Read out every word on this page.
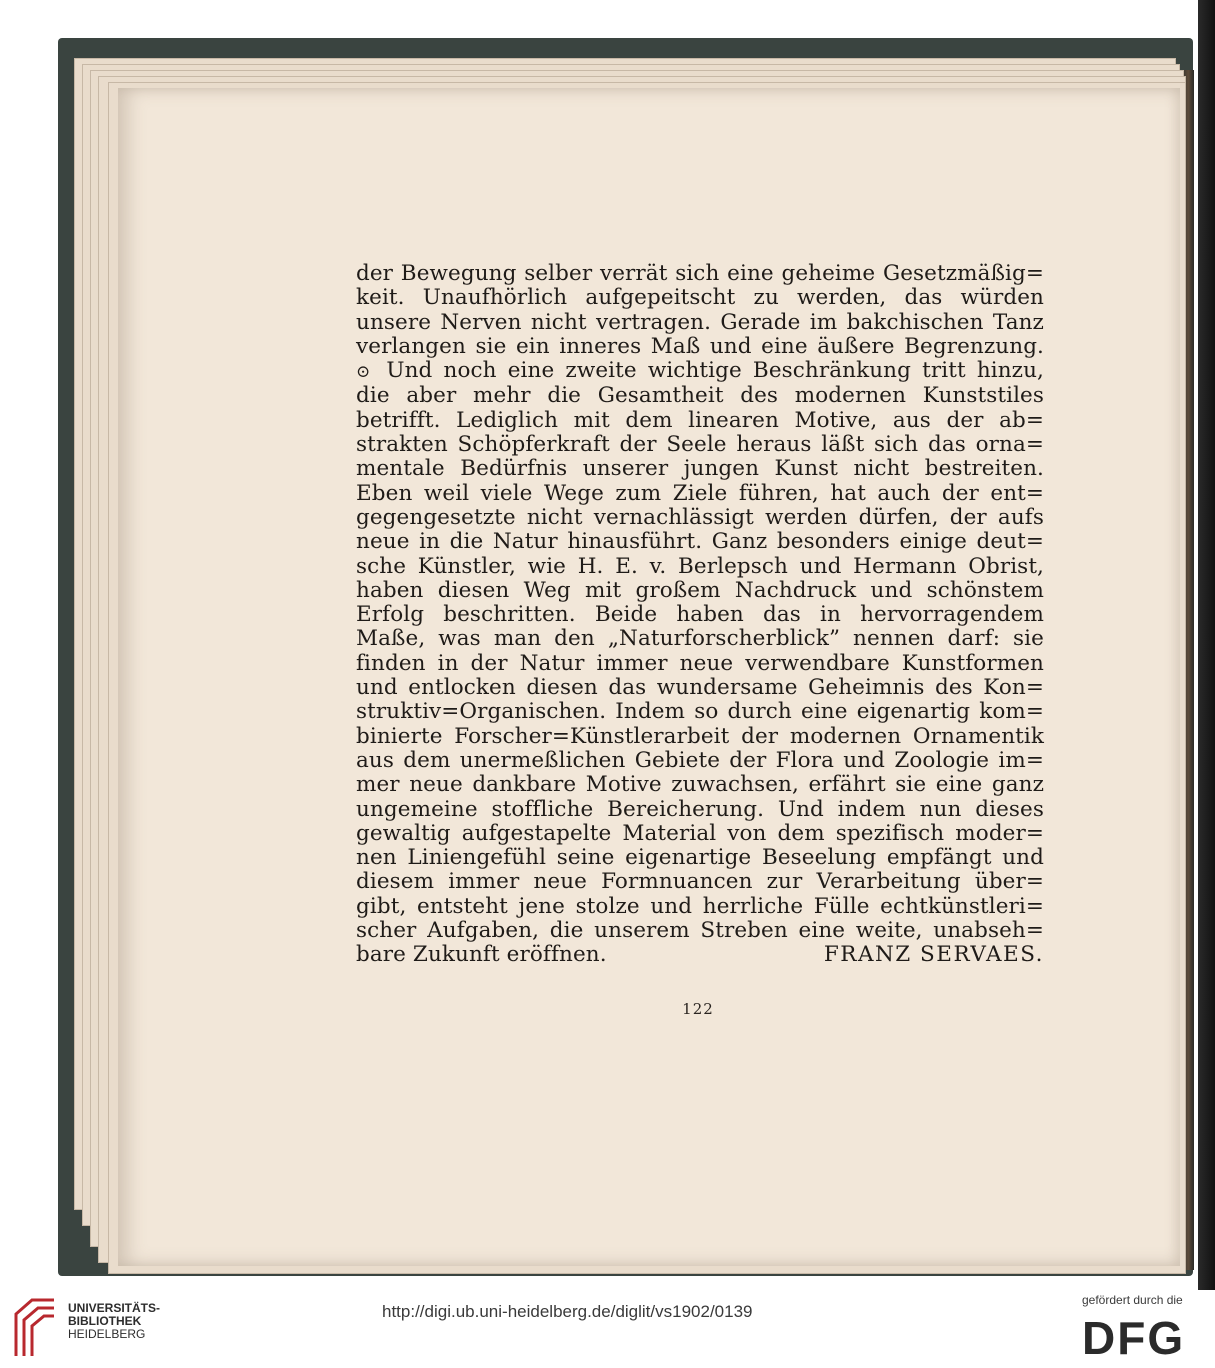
der Bewegung selber verrät sich eine geheime Gesetzmäßig=
keit. Unaufhörlich aufgepeitscht zu werden, das würden
unsere Nerven nicht vertragen. Gerade im bakchischen Tanz
verlangen sie ein inneres Maß und eine äußere Begrenzung.
⊙ Und noch eine zweite wichtige Beschränkung tritt hinzu,
die aber mehr die Gesamtheit des modernen Kunststiles
betrifft. Lediglich mit dem linearen Motive, aus der ab=
strakten Schöpferkraft der Seele heraus läßt sich das orna=
mentale Bedürfnis unserer jungen Kunst nicht bestreiten.
Eben weil viele Wege zum Ziele führen, hat auch der ent=
gegengesetzte nicht vernachlässigt werden dürfen, der aufs
neue in die Natur hinausführt. Ganz besonders einige deut=
sche Künstler, wie H. E. v. Berlepsch und Hermann Obrist,
haben diesen Weg mit großem Nachdruck und schönstem
Erfolg beschritten. Beide haben das in hervorragendem
Maße, was man den „Naturforscherblick” nennen darf: sie
finden in der Natur immer neue verwendbare Kunstformen
und entlocken diesen das wundersame Geheimnis des Kon=
struktiv=Organischen. Indem so durch eine eigenartig kom=
binierte Forscher=Künstlerarbeit der modernen Ornamentik
aus dem unermeßlichen Gebiete der Flora und Zoologie im=
mer neue dankbare Motive zuwachsen, erfährt sie eine ganz
ungemeine stoffliche Bereicherung. Und indem nun dieses
gewaltig aufgestapelte Material von dem spezifisch moder=
nen Liniengefühl seine eigenartige Beseelung empfängt und
diesem immer neue Formnuancen zur Verarbeitung über=
gibt, entsteht jene stolze und herrliche Fülle echtkünstleri=
scher Aufgaben, die unserem Streben eine weite, unabseh=
bare Zukunft eröffnen.	FRANZ SERVAES.
122
UNIVERSITÄTS-
BIBLIOTHEK
HEIDELBERG
http://digi.ub.uni-heidelberg.de/diglit/vs1902/0139
gefördert durch die
DFG
